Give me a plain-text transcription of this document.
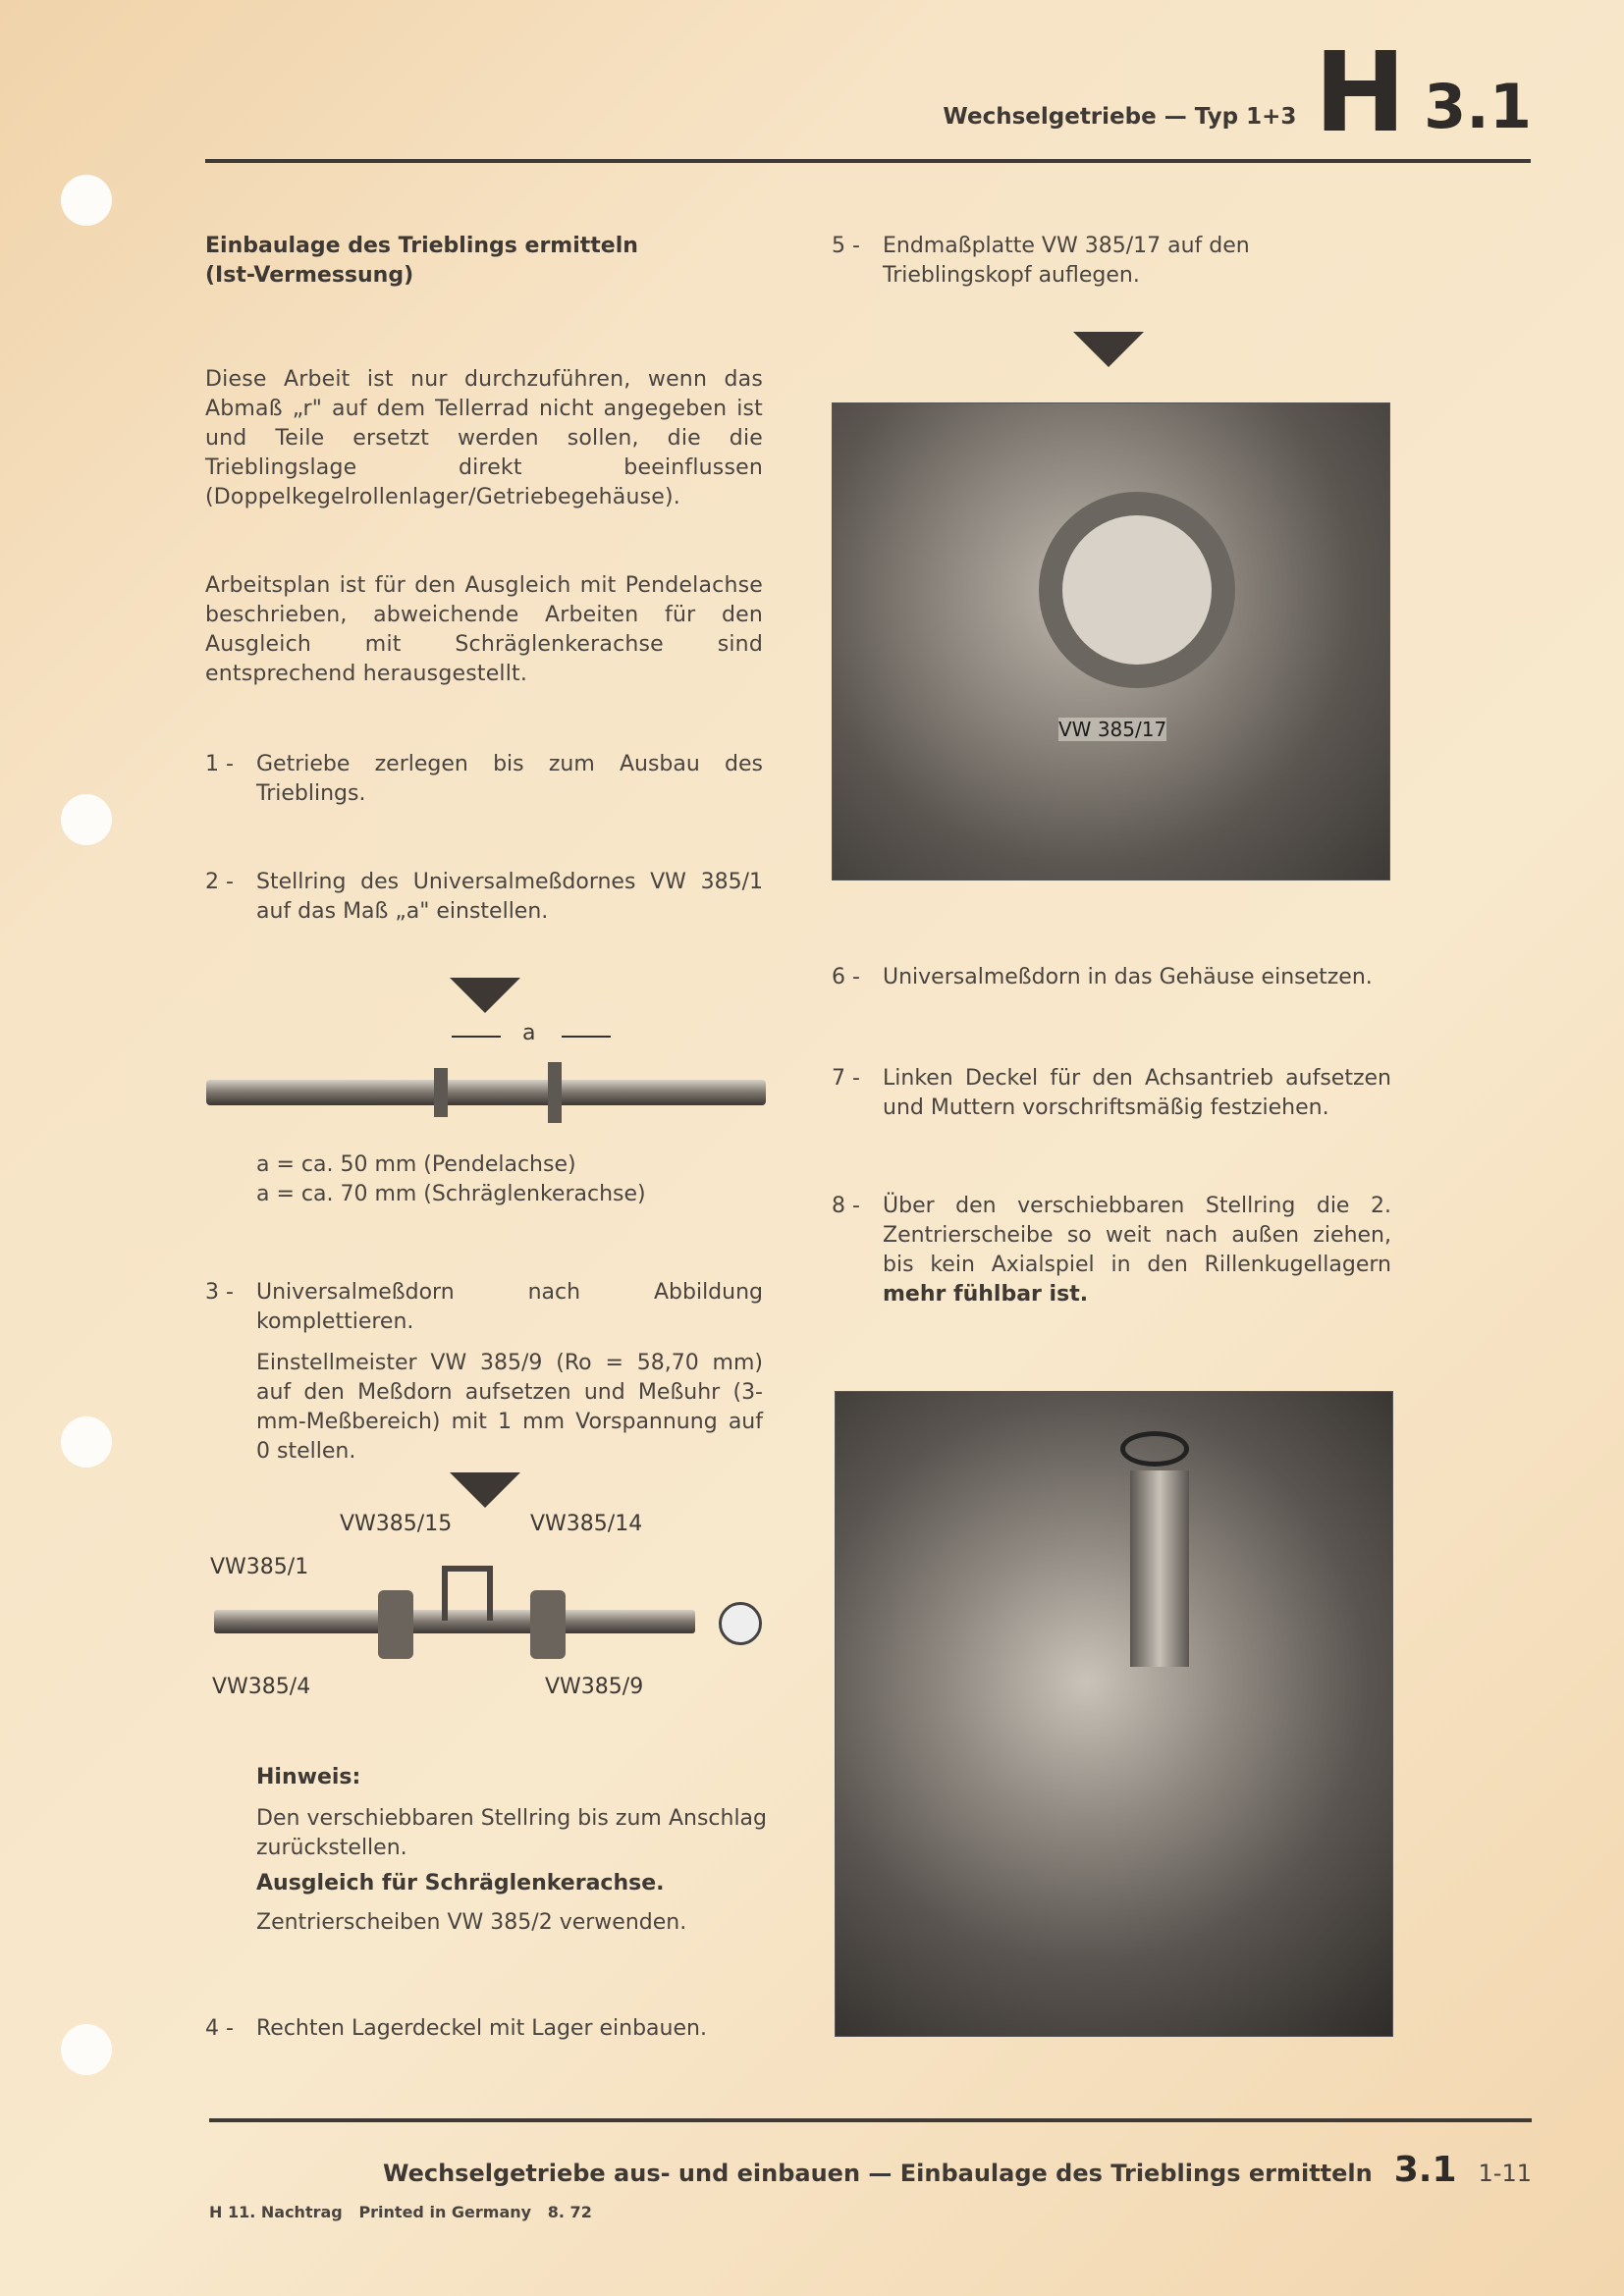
Wechselgetriebe — Typ 1+3 H 3.1
Einbaulage des Trieblings ermitteln
(Ist-Vermessung)
Diese Arbeit ist nur durchzuführen, wenn das Abmaß „r" auf dem Tellerrad nicht angegeben ist und Teile ersetzt werden sollen, die die Trieblingslage direkt beeinflussen (Doppelkegelrollenlager/Getriebegehäuse).
Arbeitsplan ist für den Ausgleich mit Pendelachse beschrieben, abweichende Arbeiten für den Ausgleich mit Schräglenkerachse sind entsprechend herausgestellt.
1 -	Getriebe zerlegen bis zum Ausbau des Trieblings.
2 -	Stellring des Universalmeßdornes VW 385/1 auf das Maß „a" einstellen.
a
a = ca. 50 mm (Pendelachse)
a = ca. 70 mm (Schräglenkerachse)
3 -	Universalmeßdorn nach Abbildung komplettieren.
Einstellmeister VW 385/9 (Ro = 58,70 mm) auf den Meßdorn aufsetzen und Meßuhr (3-mm-Meßbereich) mit 1 mm Vorspannung auf 0 stellen.
VW385/15	VW385/14
VW385/1
VW385/4	VW385/9
Hinweis:
Den verschiebbaren Stellring bis zum Anschlag zurückstellen.
Ausgleich für Schräglenkerachse.
Zentrierscheiben VW 385/2 verwenden.
4 -	Rechten Lagerdeckel mit Lager einbauen.
5 -	Endmaßplatte VW 385/17 auf den Trieblingskopf auflegen.
VW 385/17
6 -	Universalmeßdorn in das Gehäuse einsetzen.
7 -	Linken Deckel für den Achsantrieb aufsetzen und Muttern vorschriftsmäßig festziehen.
8 -	Über den verschiebbaren Stellring die 2. Zentrierscheibe so weit nach außen ziehen, bis kein Axialspiel in den Rillenkugellagern mehr fühlbar ist.
Wechselgetriebe aus- und einbauen — Einbaulage des Trieblings ermitteln 3.1 1-11
H 11. Nachtrag   Printed in Germany   8. 72
